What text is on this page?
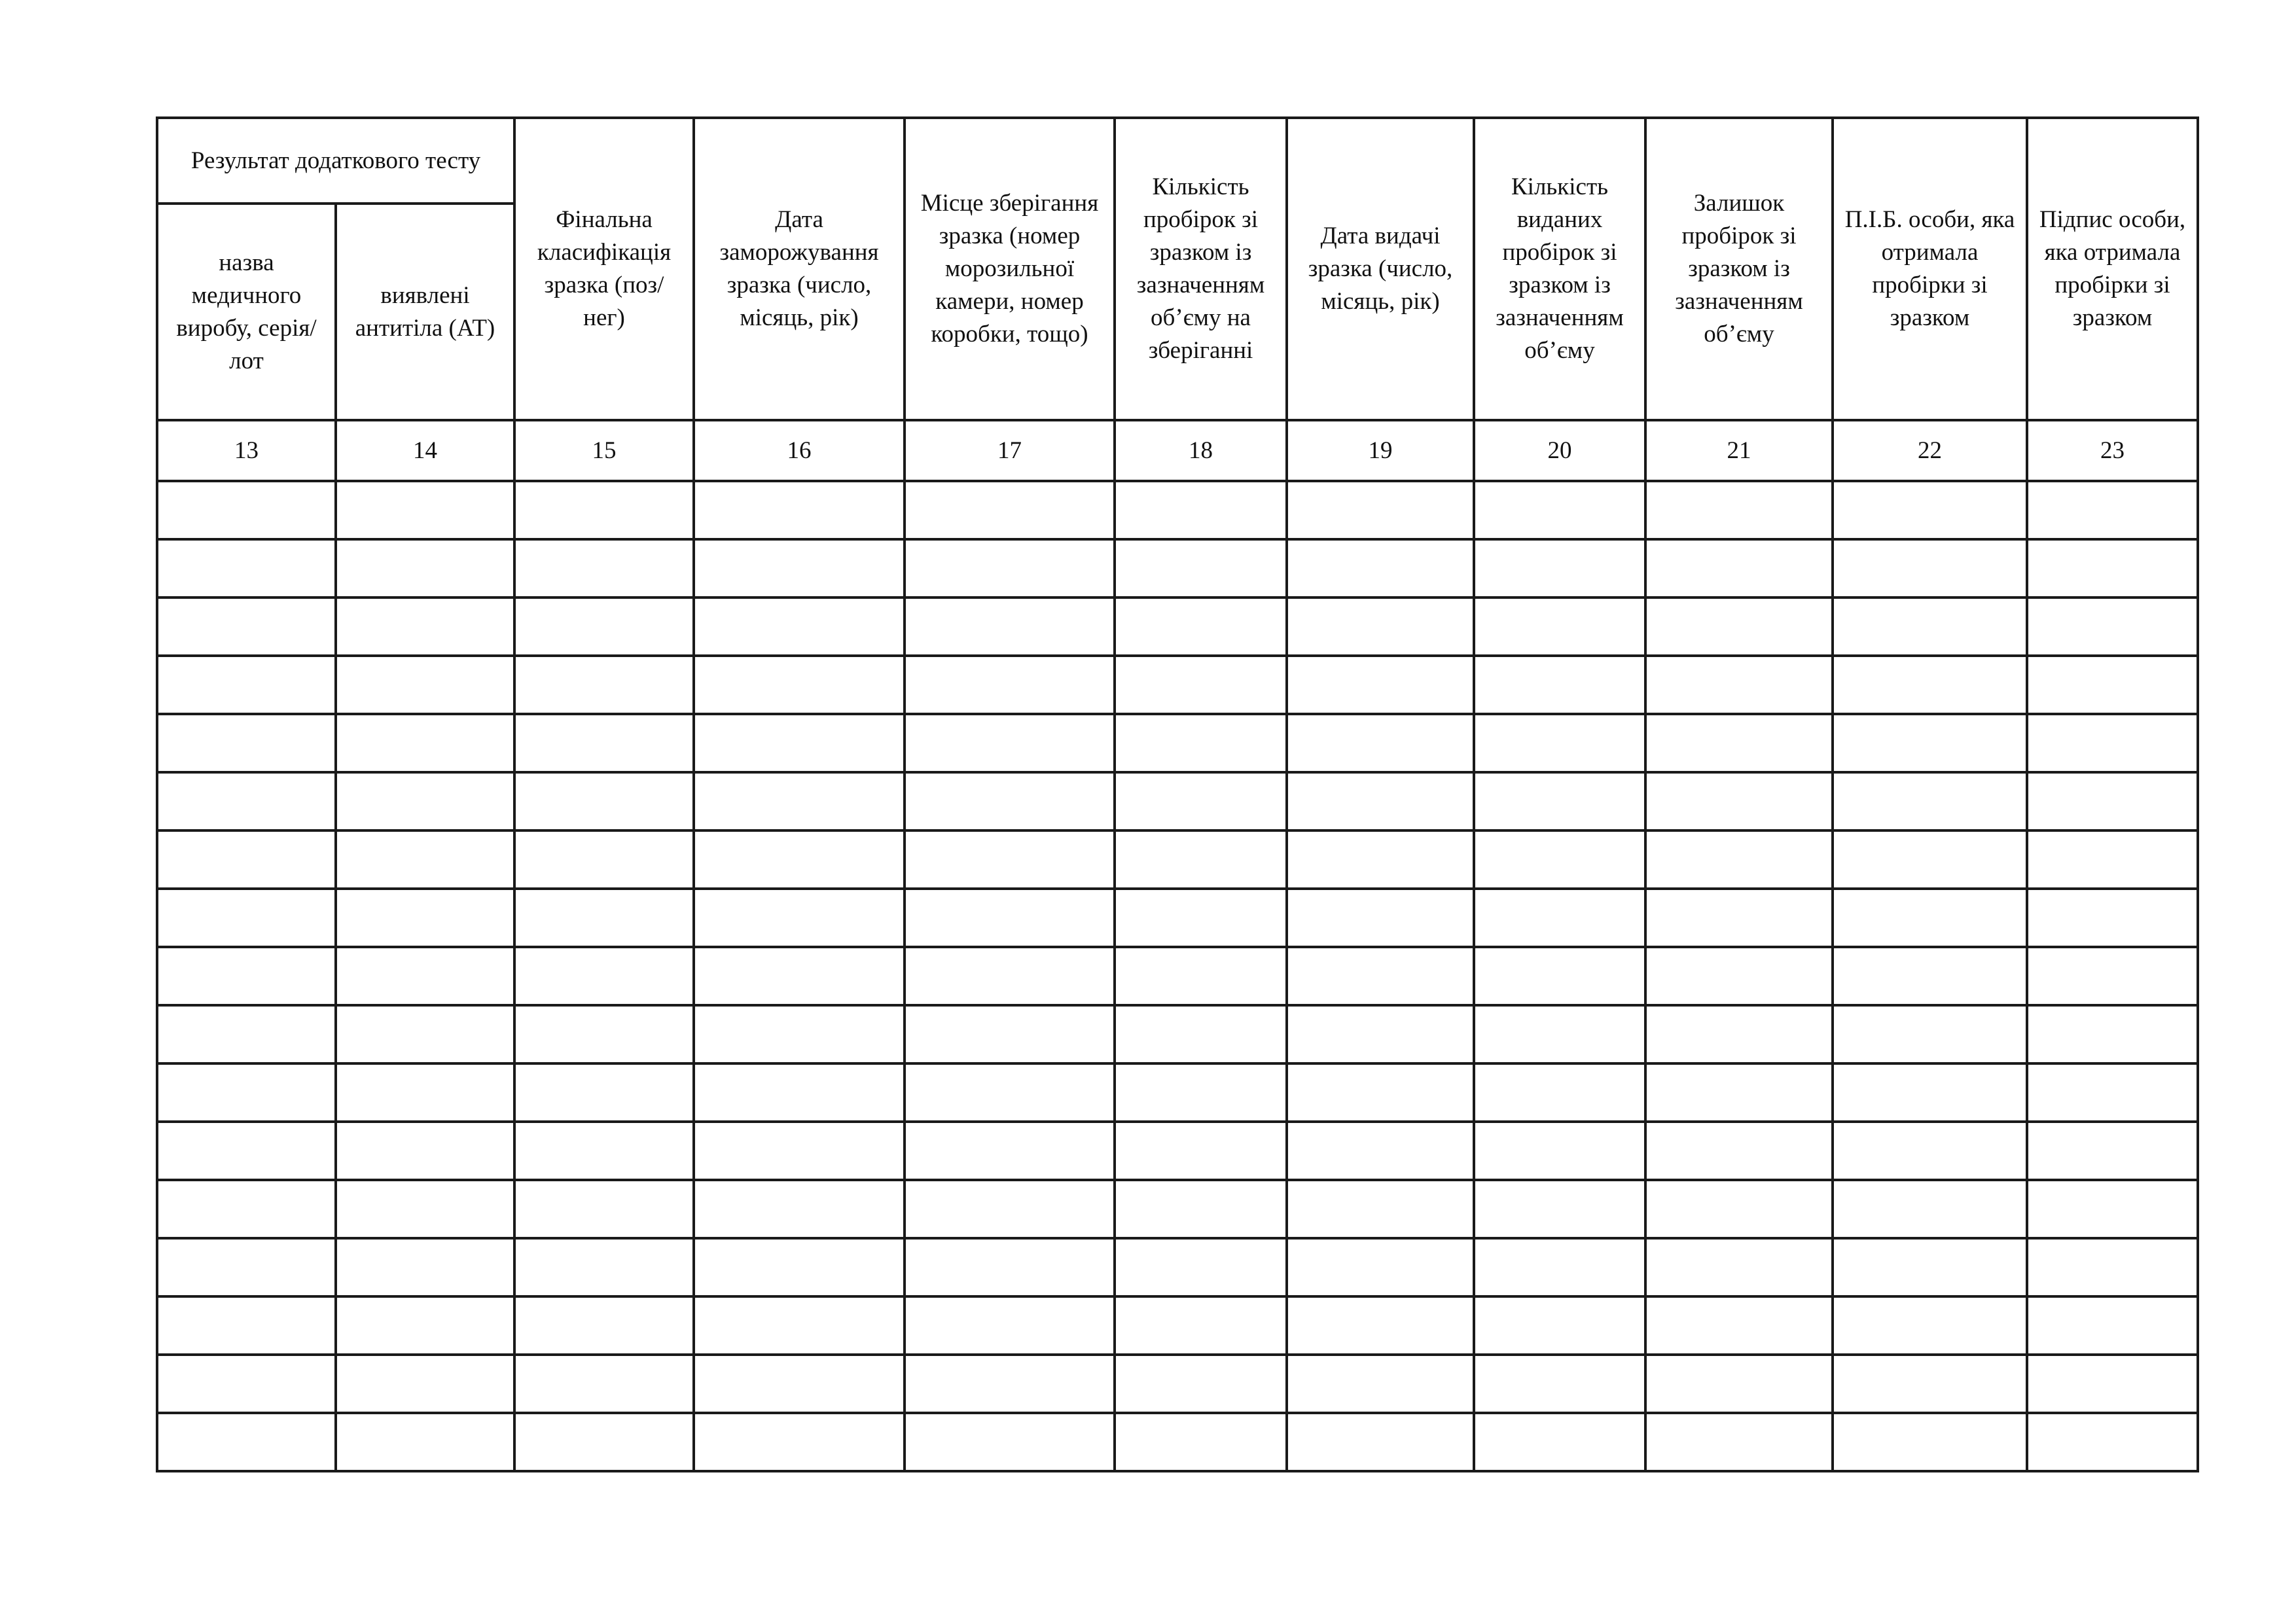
Результат додаткового тесту		Фінальна класифікація зразка (поз/ нег)	Дата заморожування зразка (число, місяць, рік)	Місце зберігання зразка (номер морозильної камери, номер коробки, тощо)	Кількість пробірок зі зразком із зазначенням об’єму на зберіганні	Дата видачі зразка (число, місяць, рік)	Кількість виданих пробірок зі зразком із зазначенням об’єму	Залишок пробірок зі зразком із зазначенням об’єму	П.І.Б. особи, яка отримала пробірки зі зразком	Підпис особи, яка отримала пробірки зі зразком

назва медичного виробу, серія/лот	виявлені антитіла (АТ)									

13	14	15	16	17	18	19	20	21	22	23
